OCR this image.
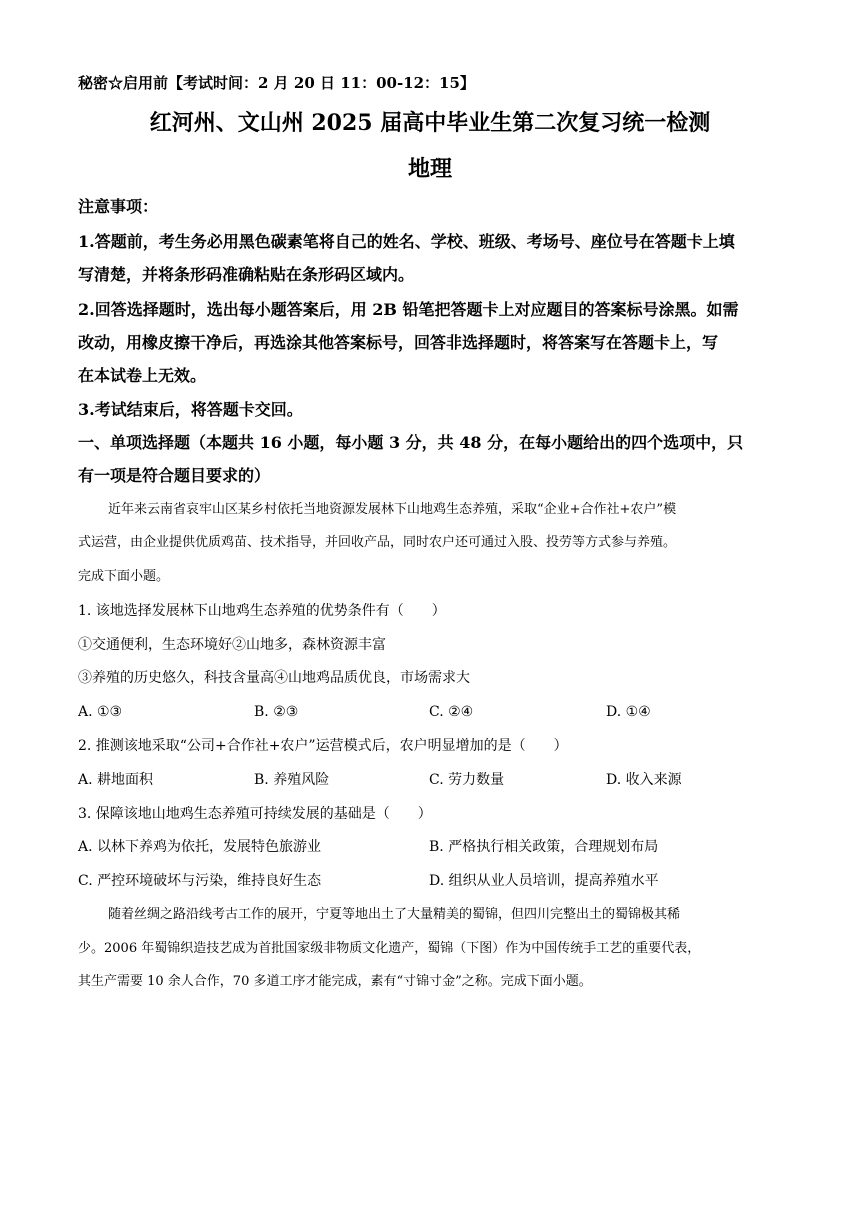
秘密☆启用前【考试时间：2 月 20 日 11：00-12：15】
红河州、文山州 2025 届高中毕业生第二次复习统一检测
地理
注意事项：
1.答题前，考生务必用黑色碳素笔将自己的姓名、学校、班级、考场号、座位号在答题卡上填
写清楚，并将条形码准确粘贴在条形码区域内。
2.回答选择题时，选出每小题答案后，用 2B 铅笔把答题卡上对应题目的答案标号涂黑。如需
改动，用橡皮擦干净后，再选涂其他答案标号，回答非选择题时，将答案写在答题卡上，写
在本试卷上无效。
3.考试结束后，将答题卡交回。
一、单项选择题（本题共 16 小题，每小题 3 分，共 48 分，在每小题给出的四个选项中，只
有一项是符合题目要求的）
近年来云南省哀牢山区某乡村依托当地资源发展林下山地鸡生态养殖，采取“企业+合作社+农户”模
式运营，由企业提供优质鸡苗、技术指导，并回收产品，同时农户还可通过入股、投劳等方式参与养殖。
完成下面小题。
1. 该地选择发展林下山地鸡生态养殖的优势条件有（　　）
①交通便利，生态环境好②山地多，森林资源丰富
③养殖的历史悠久，科技含量高④山地鸡品质优良，市场需求大
A. ①③	B. ②③	C. ②④	D. ①④
2. 推测该地采取“公司+合作社+农户”运营模式后，农户明显增加的是（　　）
A. 耕地面积	B. 养殖风险	C. 劳力数量	D. 收入来源
3. 保障该地山地鸡生态养殖可持续发展的基础是（　　）
A. 以林下养鸡为依托，发展特色旅游业	B. 严格执行相关政策，合理规划布局
C. 严控环境破坏与污染，维持良好生态	D. 组织从业人员培训，提高养殖水平
随着丝绸之路沿线考古工作的展开，宁夏等地出土了大量精美的蜀锦，但四川完整出土的蜀锦极其稀
少。2006 年蜀锦织造技艺成为首批国家级非物质文化遗产，蜀锦（下图）作为中国传统手工艺的重要代表，
其生产需要 10 余人合作，70 多道工序才能完成，素有“寸锦寸金”之称。完成下面小题。
